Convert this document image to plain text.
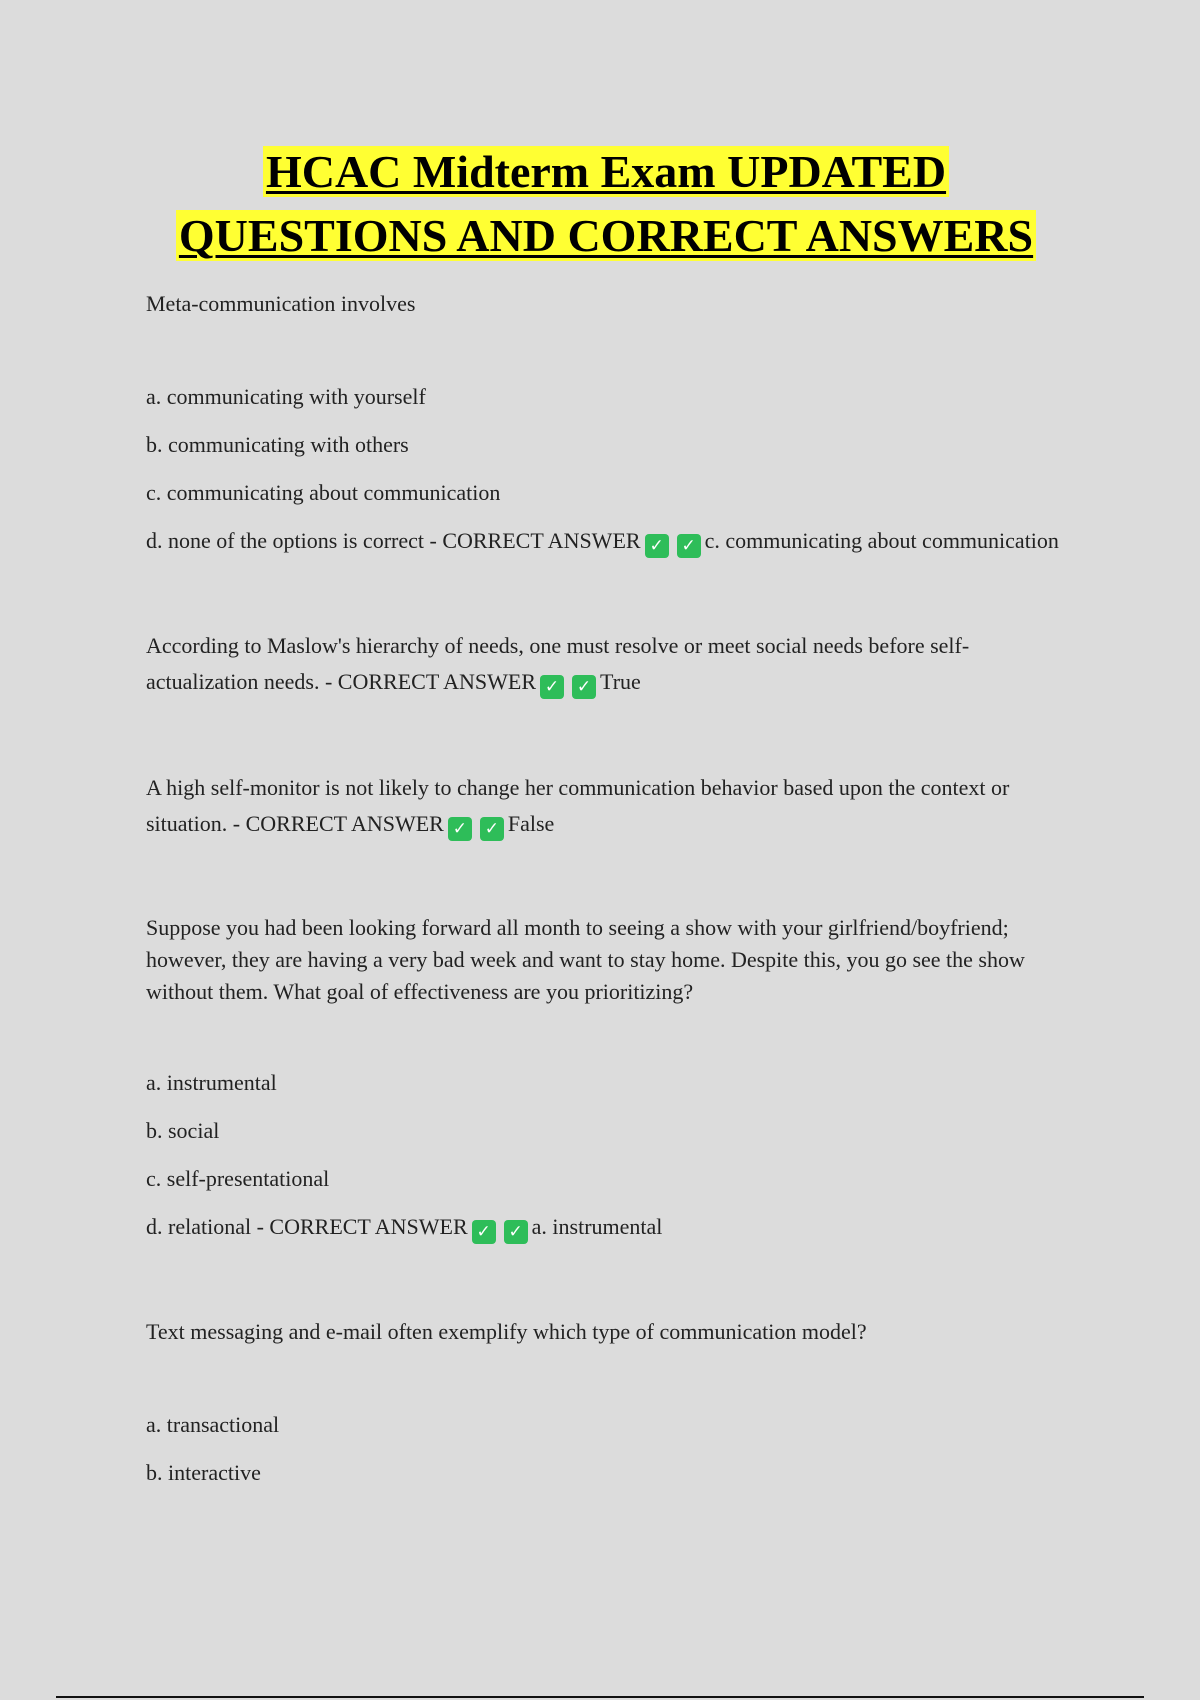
HCAC Midterm Exam UPDATED
QUESTIONS AND CORRECT ANSWERS

Meta-communication involves

a. communicating with yourself

b. communicating with others

c. communicating about communication

d. none of the options is correct - CORRECT ANSWER ✓ ✓ c. communicating about communication

According to Maslow's hierarchy of needs, one must resolve or meet social needs before self-actualization needs. - CORRECT ANSWER ✓ ✓ True

A high self-monitor is not likely to change her communication behavior based upon the context or situation. - CORRECT ANSWER ✓ ✓ False

Suppose you had been looking forward all month to seeing a show with your girlfriend/boyfriend; however, they are having a very bad week and want to stay home. Despite this, you go see the show without them. What goal of effectiveness are you prioritizing?

a. instrumental

b. social

c. self-presentational

d. relational - CORRECT ANSWER ✓ ✓ a. instrumental

Text messaging and e-mail often exemplify which type of communication model?

a. transactional

b. interactive
